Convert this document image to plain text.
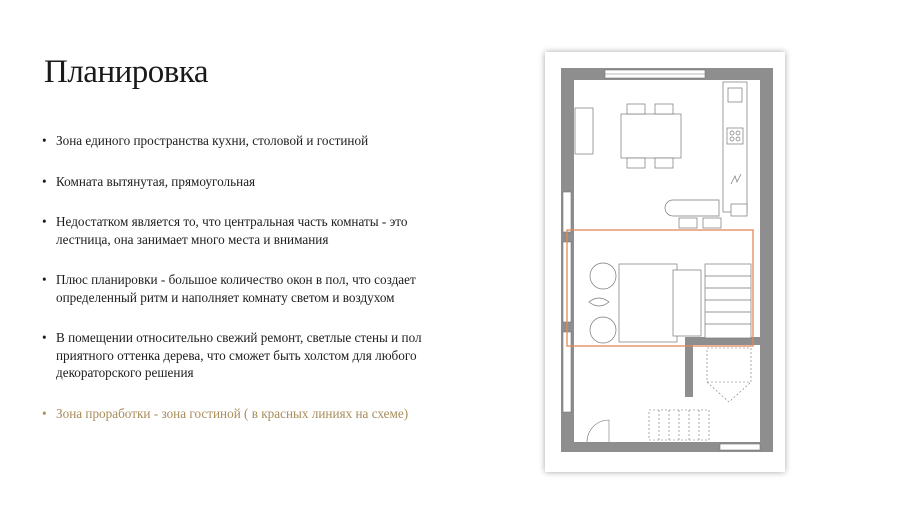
Планировка
• Зона единого пространства кухни, столовой и гостиной
• Комната вытянутая, прямоугольная
• Недостатком является то, что центральная часть комнаты - это лестница, она занимает много места и внимания
• Плюс планировки - большое количество окон в пол, что создает определенный ритм и наполняет комнату светом и воздухом
• В помещении относительно свежий ремонт, светлые стены и пол приятного оттенка дерева, что сможет быть холстом для любого декораторского решения
• Зона проработки - зона гостиной ( в красных линиях на схеме)
